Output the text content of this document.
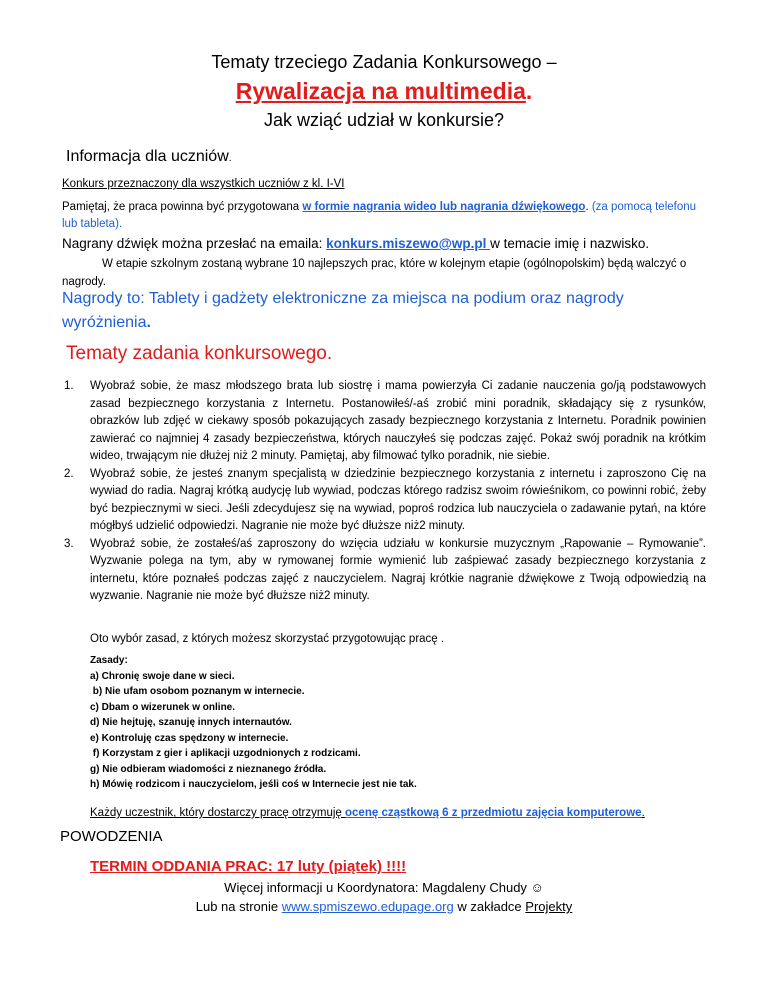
Tematy trzeciego Zadania Konkursowego –
Rywalizacja na multimedia.
Jak wziąć udział w konkursie?
Informacja dla uczniów.
Konkurs przeznaczony dla wszystkich uczniów z kl. I-VI
Pamiętaj, że praca powinna być przygotowana w formie nagrania wideo lub nagrania dźwiękowego. (za pomocą telefonu lub tableta).
Nagrany dźwięk można przesłać na emaila: konkurs.miszewo@wp.pl w temacie imię i nazwisko.
W etapie szkolnym zostaną wybrane 10 najlepszych prac, które w kolejnym etapie (ogólnopolskim) będą walczyć o nagrody.
Nagrody to: Tablety i gadżety elektroniczne za miejsca na podium oraz nagrody wyróżnienia.
Tematy zadania konkursowego.
1. Wyobraź sobie, że masz młodszego brata lub siostrę i mama powierzyła Ci zadanie nauczenia go/ją podstawowych zasad bezpiecznego korzystania z Internetu. Postanowiłeś/-aś zrobić mini poradnik, składający się z rysunków, obrazków lub zdjęć w ciekawy sposób pokazujących zasady bezpiecznego korzystania z Internetu. Poradnik powinien zawierać co najmniej 4 zasady bezpieczeństwa, których nauczyłeś się podczas zajęć. Pokaż swój poradnik na krótkim wideo, trwającym nie dłużej niż 2 minuty. Pamiętaj, aby filmować tylko poradnik, nie siebie.
2. Wyobraź sobie, że jesteś znanym specjalistą w dziedzinie bezpiecznego korzystania z internetu i zaproszono Cię na wywiad do radia. Nagraj krótką audycję lub wywiad, podczas którego radzisz swoim rówieśnikom, co powinni robić, żeby być bezpiecznymi w sieci. Jeśli zdecydujesz się na wywiad, poproś rodzica lub nauczyciela o zadawanie pytań, na które mógłbyś udzielić odpowiedzi. Nagranie nie może być dłuższe niż2 minuty.
3. Wyobraź sobie, że zostałeś/aś zaproszony do wzięcia udziału w konkursie muzycznym „Rapowanie – Rymowanie”. Wyzwanie polega na tym, aby w rymowanej formie wymienić lub zaśpiewać zasady bezpiecznego korzystania z internetu, które poznałeś podczas zajęć z nauczycielem. Nagraj krótkie nagranie dźwiękowe z Twoją odpowiedzią na wyzwanie. Nagranie nie może być dłuższe niż2 minuty.
Oto wybór zasad, z których możesz skorzystać przygotowując pracę .
Zasady:
a) Chronię swoje dane w sieci.
b) Nie ufam osobom poznanym w internecie.
c) Dbam o wizerunek w online.
d) Nie hejtuję, szanuję innych internautów.
e) Kontroluję czas spędzony w internecie.
f) Korzystam z gier i aplikacji uzgodnionych z rodzicami.
g) Nie odbieram wiadomości z nieznanego źródła.
h) Mówię rodzicom i nauczycielom, jeśli coś w Internecie jest nie tak.
Każdy uczestnik, który dostarczy pracę otrzymuję ocenę cząstkową 6 z przedmiotu zajęcia komputerowe.
POWODZENIA
TERMIN ODDANIA PRAC: 17 luty (piątek) !!!!
Więcej informacji u Koordynatora: Magdaleny Chudy ☺
Lub na stronie www.spmiszewo.edupage.org w zakładce Projekty
